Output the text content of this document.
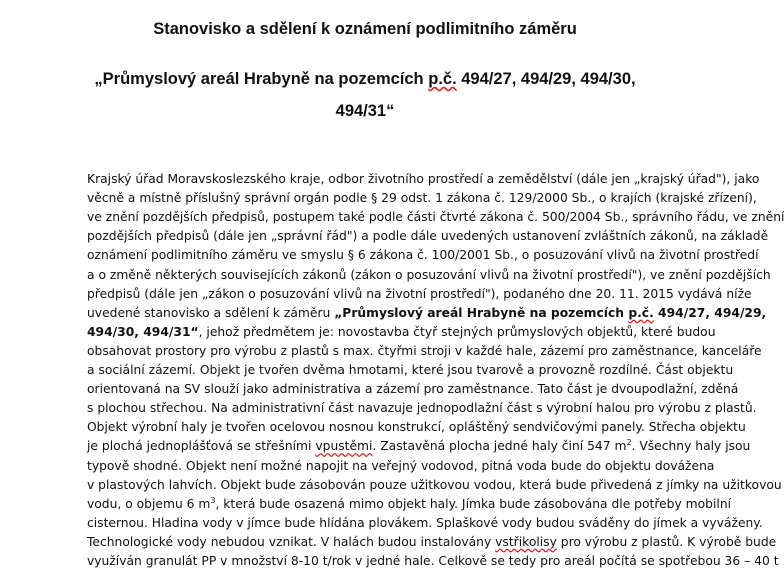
Stanovisko a sdělení k oznámení podlimitního záměru
„Průmyslový areál Hrabyně na pozemcích p.č. 494/27, 494/29, 494/30,
494/31“
Krajský úřad Moravskoslezského kraje, odbor životního prostředí a zemědělství (dále jen „krajský úřad"), jako
věcně a místně příslušný správní orgán podle § 29 odst. 1 zákona č. 129/2000 Sb., o krajích (krajské zřízení),
ve znění pozdějších předpisů, postupem také podle části čtvrté zákona č. 500/2004 Sb., správního řádu, ve znění
pozdějších předpisů (dále jen „správní řád") a podle dále uvedených ustanovení zvláštních zákonů, na základě
oznámení podlimitního záměru ve smyslu § 6 zákona č. 100/2001 Sb., o posuzování vlivů na životní prostředí
a o změně některých souvisejících zákonů (zákon o posuzování vlivů na životní prostředí"), ve znění pozdějších
předpisů (dále jen „zákon o posuzování vlivů na životní prostředí"), podaného dne 20. 11. 2015 vydává níže
uvedené stanovisko a sdělení k záměru „Průmyslový areál Hrabyně na pozemcích p.č. 494/27, 494/29,
494/30, 494/31“, jehož předmětem je: novostavba čtyř stejných průmyslových objektů, které budou
obsahovat prostory pro výrobu z plastů s max. čtyřmi stroji v každé hale, zázemí pro zaměstnance, kanceláře
a sociální zázemí. Objekt je tvořen dvěma hmotami, které jsou tvarově a provozně rozdílné. Část objektu
orientovaná na SV slouží jako administrativa a zázemí pro zaměstnance. Tato část je dvoupodlažní, zděná
s plochou střechou. Na administrativní část navazuje jednopodlažní část s výrobní halou pro výrobu z plastů.
Objekt výrobní haly je tvořen ocelovou nosnou konstrukcí, opláštěný sendvičovými panely. Střecha objektu
je plochá jednoplášťová se střešními vpustěmi. Zastavěná plocha jedné haly činí 547 $m^2$. Všechny haly jsou
typově shodné. Objekt není možné napojit na veřejný vodovod, pitná voda bude do objektu dovážena
v plastových lahvích. Objekt bude zásobován pouze užitkovou vodou, která bude přivedená z jímky na užitkovou
vodu, o objemu 6 $m^3$, která bude osazená mimo objekt haly. Jímka bude zásobována dle potřeby mobilní
cisternou. Hladina vody v jímce bude hlídána plovákem. Splaškové vody budou sváděny do jímek a vyváženy.
Technologické vody nebudou vznikat. V halách budou instalovány vstřikolisy pro výrobu z plastů. K výrobě bude
využíván granulát PP v množství 8-10 t/rok v jedné hale. Celkově se tedy pro areál počítá se spotřebou 36 – 40 t
